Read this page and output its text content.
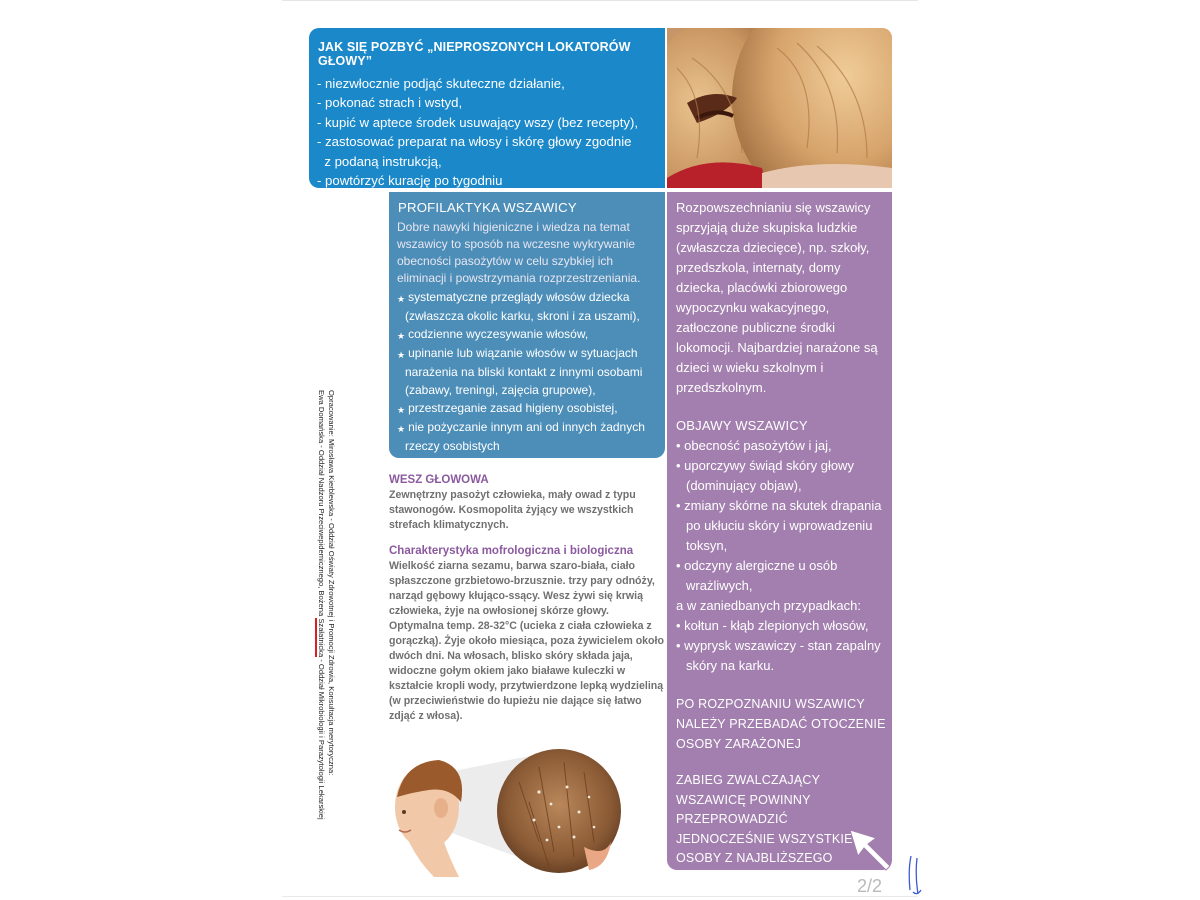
JAK SIĘ POZBYĆ „NIEPROSZONYCH LOKATORÓW GŁOWY”
- niezwłocznie podjąć skuteczne działanie,
- pokonać strach i wstyd,
- kupić w aptece środek usuwający wszy (bez recepty),
- zastosować preparat na włosy i skórę głowy zgodnie
z podaną instrukcją,
- powtórzyć kurację po tygodniu
PROFILAKTYKA WSZAWICY
Dobre nawyki higieniczne i wiedza na temat wszawicy to sposób na wczesne wykrywanie obecności pasożytów w celu szybkiej ich eliminacji i powstrzymania rozprzestrzeniania.
★ systematyczne przeglądy włosów dziecka (zwłaszcza okolic karku, skroni i za uszami),
★ codzienne wyczesywanie włosów,
★ upinanie lub wiązanie włosów w sytuacjach narażenia na bliski kontakt z innymi osobami (zabawy, treningi, zajęcia grupowe),
★ przestrzeganie zasad higieny osobistej,
★ nie pożyczanie innym ani od innych żadnych rzeczy osobistych

Rozpowszechnianiu się wszawicy sprzyjają duże skupiska ludzkie (zwłaszcza dziecięce), np. szkoły, przedszkola, internaty, domy dziecka, placówki zbiorowego wypoczynku wakacyjnego, zatłoczone publiczne środki lokomocji. Najbardziej narażone są dzieci w wieku szkolnym i przedszkolnym.

OBJAWY WSZAWICY
• obecność pasożytów i jaj,
• uporczywy świąd skóry głowy (dominujący objaw),
• zmiany skórne na skutek drapania po ukłuciu skóry i wprowadzeniu toksyn,
• odczyny alergiczne u osób wrażliwych,
a w zaniedbanych przypadkach:
• kołtun - kłąb zlepionych włosów,
• wyprysk wszawiczy - stan zapalny skóry na karku.
PO ROZPOZNANIU WSZAWICY NALEŻY PRZEBADAĆ OTOCZENIE OSOBY ZARAŻONEJ
ZABIEG ZWALCZAJĄCY WSZAWICĘ POWINNY PRZEPROWADZIĆ JEDNOCZEŚNIE WSZYSTKIE OSOBY Z NAJBLIŻSZEGO OTOCZENIA
WESZ GŁOWOWA

Zewnętrzny pasożyt człowieka, mały owad z typu stawonogów. Kosmopolita żyjący we wszystkich strefach klimatycznych.

Charakterystyka mofrologiczna i biologiczna

Wielkość ziarna sezamu, barwa szaro-biała, ciało spłaszczone grzbietowo-brzusznie. trzy pary odnóży, narząd gębowy kłująco-ssący. Wesz żywi się krwią człowieka, żyje na owłosionej skórze głowy. Optymalna temp. 28-32°C (ucieka z ciała człowieka z gorączką). Żyje około miesiąca, poza żywicielem około dwóch dni. Na włosach, blisko skóry składa jaja, widoczne gołym okiem jako białawe kuleczki w kształcie kropli wody, przytwierdzone lepką wydzieliną (w przeciwieństwie do łupieżu nie dające się łatwo zdjąć z włosa).

Opracowanie: Mirosława Kierblewska - Oddział Oświaty Zdrowotnej i Promocji Zdrowia, Konsultacja merytoryczna:
Ewa Domańska - Oddział Nadzoru Przeciwepidemicznego, Bożena Szałatnicka - Oddział Mikrobiologii i Parazytologii Lekarskiej
2/2
